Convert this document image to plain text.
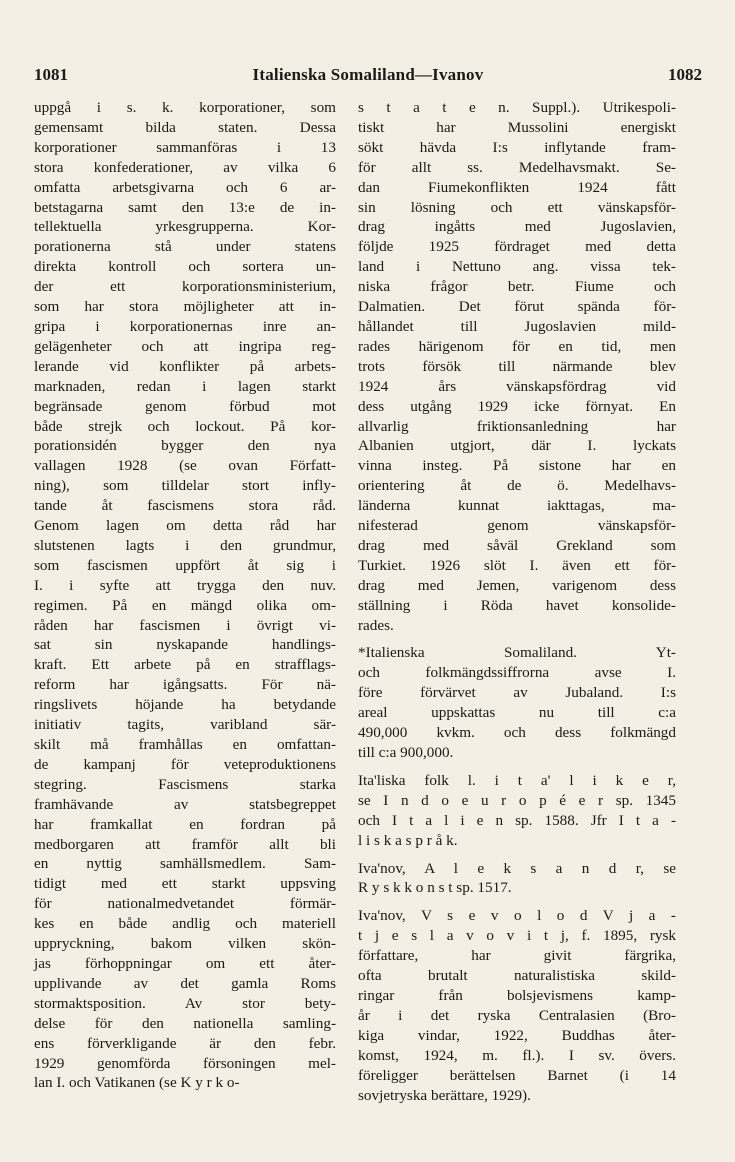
1081	Italienska Somaliland—Ivanov	1082

uppgå i s. k. korporationer, som
gemensamt bilda staten. Dessa
korporationer sammanföras i 13
stora konfederationer, av vilka 6
omfatta arbetsgivarna och 6 ar-
betstagarna samt den 13:e de in-
tellektuella yrkesgrupperna. Kor-
porationerna stå under statens
direkta kontroll och sortera un-
der ett korporationsministerium,
som har stora möjligheter att in-
gripa i korporationernas inre an-
gelägenheter och att ingripa reg-
lerande vid konflikter på arbets-
marknaden, redan i lagen starkt
begränsade genom förbud mot
både strejk och lockout. På kor-
porationsidén bygger den nya
vallagen 1928 (se ovan Författ-
ning), som tilldelar stort infly-
tande åt fascismens stora råd.
Genom lagen om detta råd har
slutstenen lagts i den grundmur,
som fascismen uppfört åt sig i
I. i syfte att trygga den nuv.
regimen. På en mängd olika om-
råden har fascismen i övrigt vi-
sat sin nyskapande handlings-
kraft. Ett arbete på en strafflags-
reform har igångsatts. För nä-
ringslivets höjande ha betydande
initiativ tagits, varibland sär-
skilt må framhållas en omfattan-
de kampanj för veteproduktionens
stegring. Fascismens starka
framhävande av statsbegreppet
har framkallat en fordran på
medborgaren att framför allt bli
en nyttig samhällsmedlem. Sam-
tidigt med ett starkt uppsving
för nationalmedvetandet förmär-
kes en både andlig och materiell
uppryckning, bakom vilken skön-
jas förhoppningar om ett åter-
upplivande av det gamla Roms
stormaktsposition. Av stor bety-
delse för den nationella samling-
ens förverkligande är den febr.
1929 genomförda försoningen mel-
lan I. och Vatikanen (se K y r k o-

s t a t e n. Suppl.). Utrikespoli-
tiskt har Mussolini energiskt
sökt hävda I:s inflytande fram-
för allt ss. Medelhavsmakt. Se-
dan Fiumekonflikten 1924 fått
sin lösning och ett vänskapsför-
drag ingåtts med Jugoslavien,
följde 1925 fördraget med detta
land i Nettuno ang. vissa tek-
niska frågor betr. Fiume och
Dalmatien. Det förut spända för-
hållandet till Jugoslavien mild-
rades härigenom för en tid, men
trots försök till närmande blev
1924 års vänskapsfördrag vid
dess utgång 1929 icke förnyat. En
allvarlig friktionsanledning har
Albanien utgjort, där I. lyckats
vinna insteg. På sistone har en
orientering åt de ö. Medelhavs-
länderna kunnat iakttagas, ma-
nifesterad genom vänskapsför-
drag med såväl Grekland som
Turkiet. 1926 slöt I. även ett för-
drag med Jemen, varigenom dess
ställning i Röda havet konsolide-
rades.

*Italienska Somaliland. Yt-
och folkmängdssiffrorna avse I.
före förvärvet av Jubaland. I:s
areal uppskattas nu till c:a
490,000 kvkm. och dess folkmängd
till c:a 900,000.

Ita'liska folk l. i t a' l i k e r,
se I n d o e u r o p é e r sp. 1345
och I t a l i e n sp. 1588. Jfr I t a -
l i s k a s p r å k.

Iva'nov, A l e k s a n d r, se
R y s k k o n s t sp. 1517.

Iva'nov, V s e v o l o d V j a -
t j e s l a v o v i t j, f. 1895, rysk
författare, har givit färgrika,
ofta brutalt naturalistiska skild-
ringar från bolsjevismens kamp-
år i det ryska Centralasien (Bro-
kiga vindar, 1922, Buddhas åter-
komst, 1924, m. fl.). I sv. övers.
föreligger berättelsen Barnet (i 14
sovjetryska berättare, 1929).
